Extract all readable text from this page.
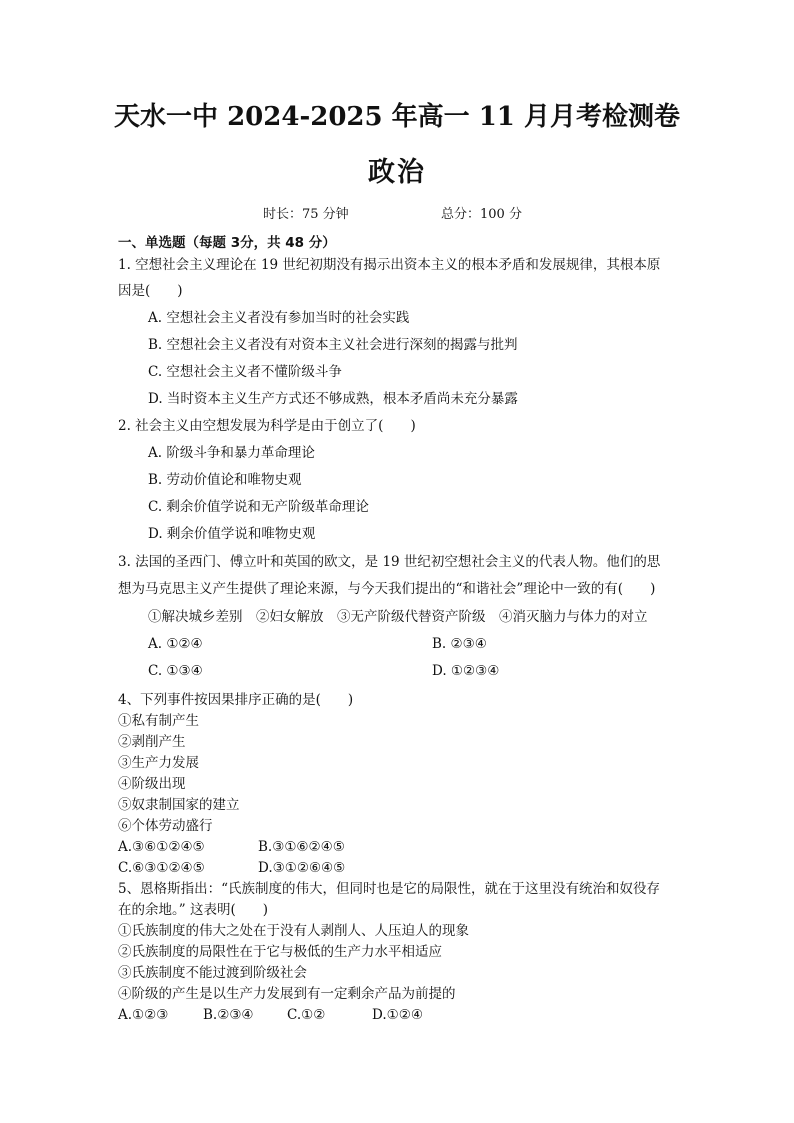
天水一中 2024-2025 年高一 11 月月考检测卷
政治
时长：75 分钟	总分：100 分
一、单选题（每题 3分，共 48 分）
1. 空想社会主义理论在 19 世纪初期没有揭示出资本主义的根本矛盾和发展规律，其根本原
因是(　　)
A. 空想社会主义者没有参加当时的社会实践
B. 空想社会主义者没有对资本主义社会进行深刻的揭露与批判
C. 空想社会主义者不懂阶级斗争
D. 当时资本主义生产方式还不够成熟，根本矛盾尚未充分暴露
2. 社会主义由空想发展为科学是由于创立了(　　)
A. 阶级斗争和暴力革命理论
B. 劳动价值论和唯物史观
C. 剩余价值学说和无产阶级革命理论
D. 剩余价值学说和唯物史观
3. 法国的圣西门、傅立叶和英国的欧文，是 19 世纪初空想社会主义的代表人物。他们的思
想为马克思主义产生提供了理论来源，与今天我们提出的“和谐社会”理论中一致的有(　　)
①解决城乡差别　②妇女解放　③无产阶级代替资产阶级　④消灭脑力与体力的对立
A. ①②④	B. ②③④
C. ①③④	D. ①②③④
4、下列事件按因果排序正确的是(　　)
①私有制产生
②剥削产生
③生产力发展
④阶级出现
⑤奴隶制国家的建立
⑥个体劳动盛行
A.③⑥①②④⑤	B.③①⑥②④⑤
C.⑥③①②④⑤	D.③①②⑥④⑤
5、恩格斯指出：“氏族制度的伟大，但同时也是它的局限性，就在于这里没有统治和奴役存
在的余地。” 这表明(　　)
①氏族制度的伟大之处在于没有人剥削人、人压迫人的现象
②氏族制度的局限性在于它与极低的生产力水平相适应
③氏族制度不能过渡到阶级社会
④阶级的产生是以生产力发展到有一定剩余产品为前提的
A.①②③	B.②③④ C.①②	D.①②④
